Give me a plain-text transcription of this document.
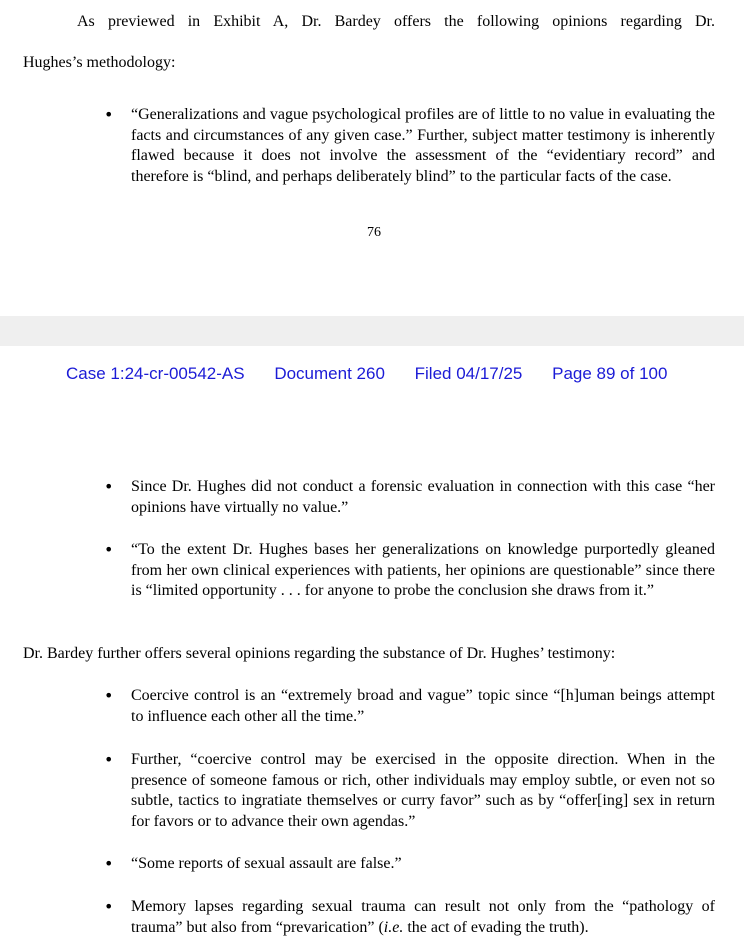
As previewed in Exhibit A, Dr. Bardey offers the following opinions regarding Dr.
Hughes’s methodology:
• “Generalizations and vague psychological profiles are of little to no value in evaluating the facts and circumstances of any given case.” Further, subject matter testimony is inherently flawed because it does not involve the assessment of the “evidentiary record” and therefore is “blind, and perhaps deliberately blind” to the particular facts of the case.
76
Case 1:24-cr-00542-AS Document 260 Filed 04/17/25 Page 89 of 100
• Since Dr. Hughes did not conduct a forensic evaluation in connection with this case “her opinions have virtually no value.”
• “To the extent Dr. Hughes bases her generalizations on knowledge purportedly gleaned from her own clinical experiences with patients, her opinions are questionable” since there is “limited opportunity . . . for anyone to probe the conclusion she draws from it.”
Dr. Bardey further offers several opinions regarding the substance of Dr. Hughes’ testimony:
• Coercive control is an “extremely broad and vague” topic since “[h]uman beings attempt to influence each other all the time.”
• Further, “coercive control may be exercised in the opposite direction. When in the presence of someone famous or rich, other individuals may employ subtle, or even not so subtle, tactics to ingratiate themselves or curry favor” such as by “offer[ing] sex in return for favors or to advance their own agendas.”
• “Some reports of sexual assault are false.”
• Memory lapses regarding sexual trauma can result not only from the “pathology of trauma” but also from “prevarication” (i.e. the act of evading the truth).
